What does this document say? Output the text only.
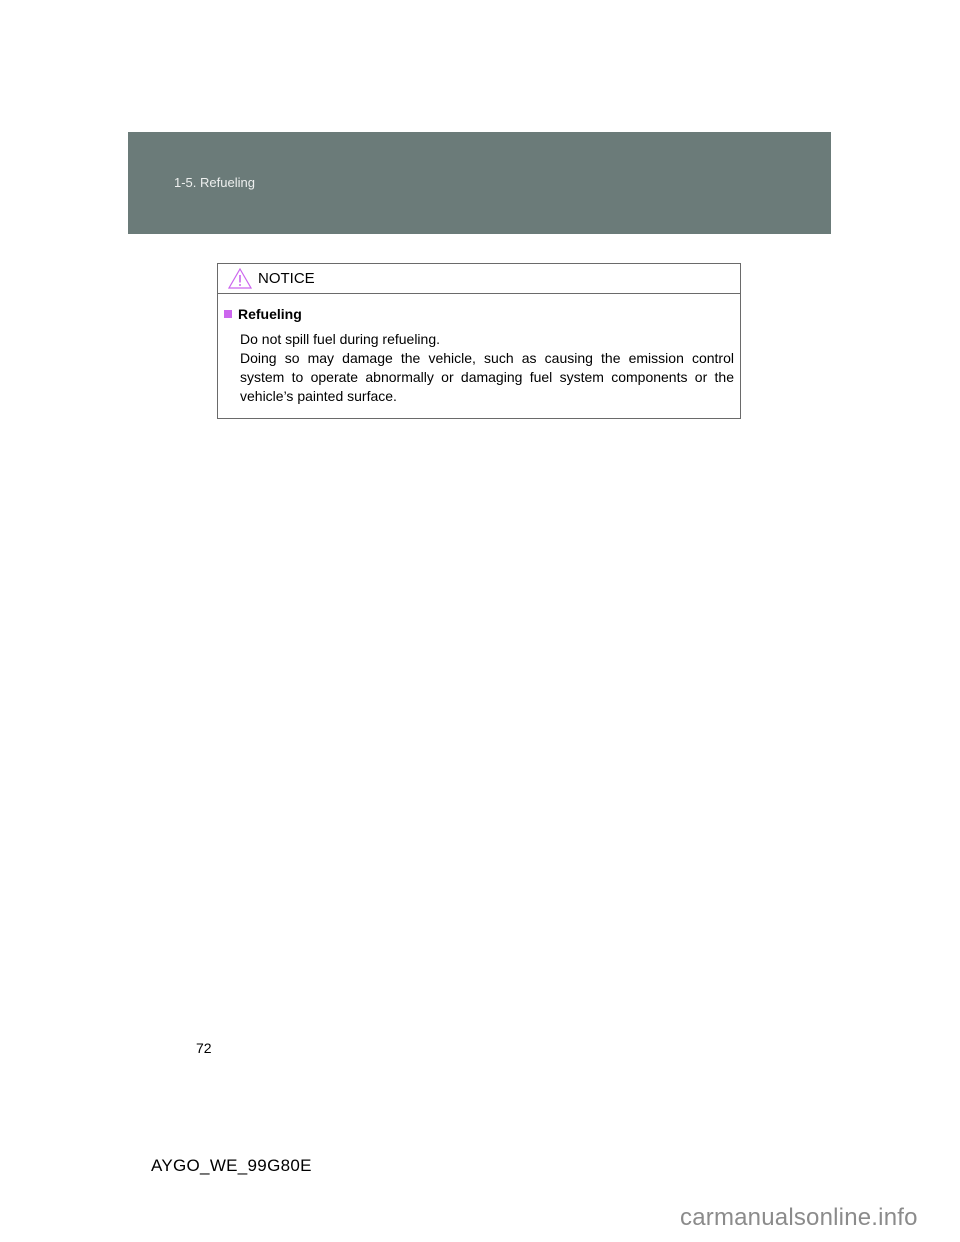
1-5. Refueling
NOTICE
Refueling

Do not spill fuel during refueling.

Doing so may damage the vehicle, such as causing the emission control system to operate abnormally or damaging fuel system components or the vehicle’s painted surface.

72
AYGO_WE_99G80E
carmanualsonline.info
